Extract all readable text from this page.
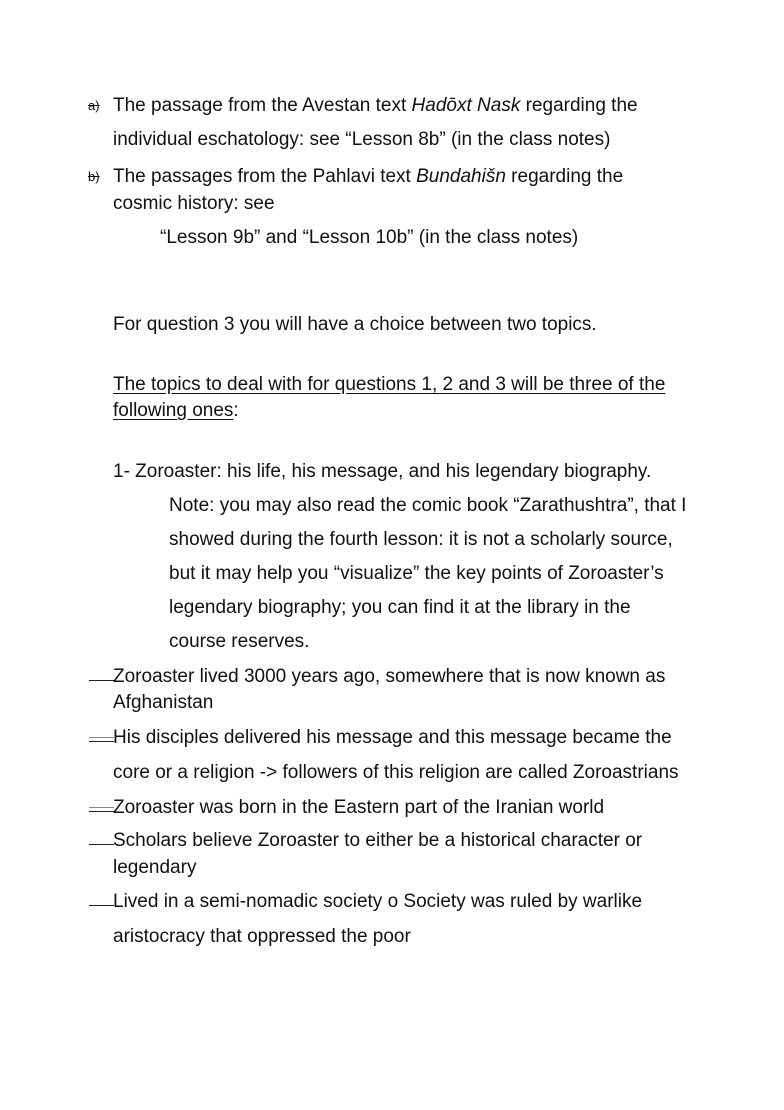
a) The passage from the Avestan text Hadōxt Nask regarding the

individual eschatology: see “Lesson 8b” (in the class notes)

b) The passages from the Pahlavi text Bundahišn regarding the

cosmic history: see

“Lesson 9b” and “Lesson 10b” (in the class notes)

For question 3 you will have a choice between two topics.

The topics to deal with for questions 1, 2 and 3 will be three of the

following ones:

1- Zoroaster: his life, his message, and his legendary biography.

Note: you may also read the comic book “Zarathushtra”, that I

showed during the fourth lesson: it is not a scholarly source,

but it may help you “visualize” the key points of Zoroaster’s

legendary biography; you can find it at the library in the

course reserves.

Zoroaster lived 3000 years ago, somewhere that is now known as

Afghanistan

His disciples delivered his message and this message became the

core or a religion -> followers of this religion are called Zoroastrians

Zoroaster was born in the Eastern part of the Iranian world

Scholars believe Zoroaster to either be a historical character or

legendary

Lived in a semi-nomadic society o Society was ruled by warlike

aristocracy that oppressed the poor
